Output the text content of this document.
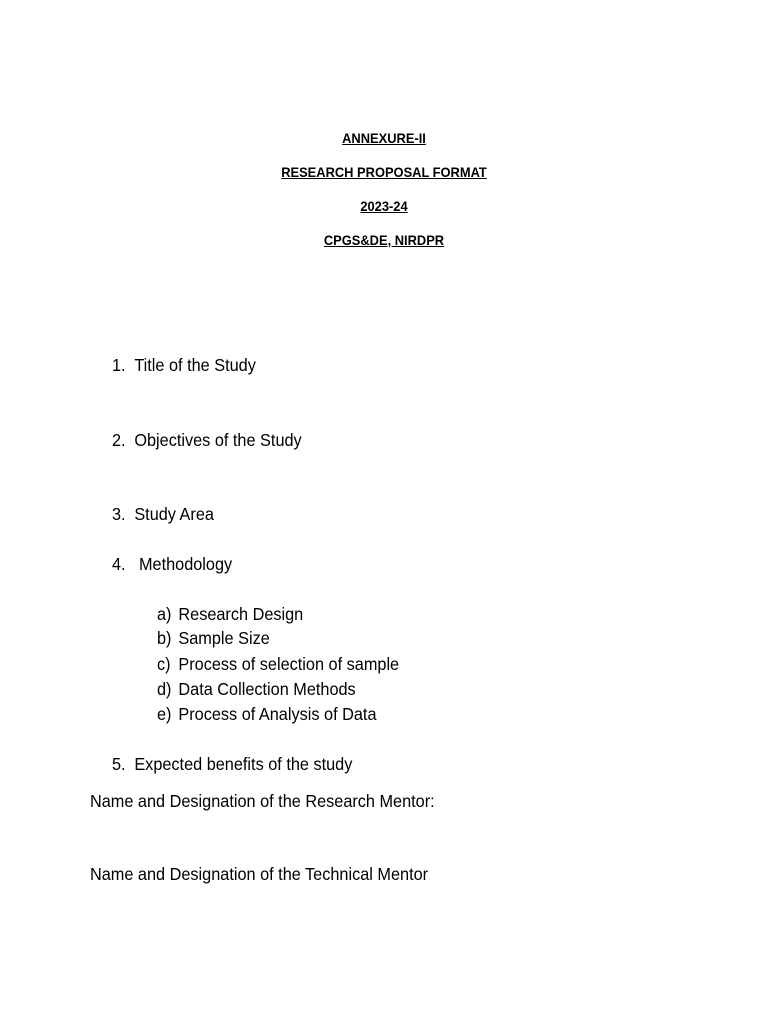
ANNEXURE-II
RESEARCH PROPOSAL FORMAT
2023-24
CPGS&DE, NIRDPR
1. Title of the Study
2. Objectives of the Study
3. Study Area
4. Methodology
a) Research Design
b) Sample Size
c) Process of selection of sample
d) Data Collection Methods
e) Process of Analysis of Data
5. Expected benefits of the study
Name and Designation of the Research Mentor:
Name and Designation of the Technical Mentor
